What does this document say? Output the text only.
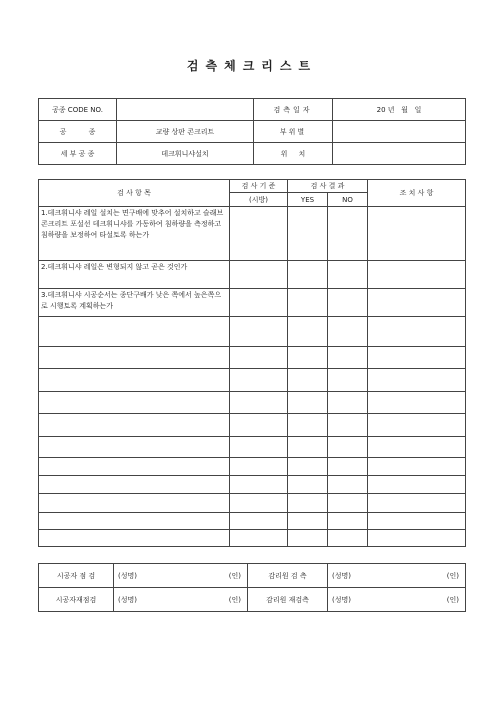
검측체크리스트
공종 CODE NO.		검측일자	20 년   월   일
공          종	교량 상판 콘크리트	부위별	
세 부 공 종	데크휘니샤설치	위     치	
검 사 항 목	검 사 기 준	검 사 결 과		조 치 사 항
	(시방)	YES	NO	
1.데크휘니샤 레일 설치는 면구배에 맞추어 설치하고 슬래브콘크리트 포설선 데크휘니샤를 가동하여 침하량을 측정하고 침하량을 보정하여 타설토록 하는가				
2.데크휘니샤 레일은 변형되지 않고 곧은 것인가				
3.데크휘니샤 시공순서는 종단구배가 낮은 쪽에서 높은쪽으로 시행토록 계획하는가				

시공자 점 검	(성명) (인)	감리원 검 측	(성명) (인)

시공자재점검	(성명) (인)	감리원 재검측	(성명) (인)
